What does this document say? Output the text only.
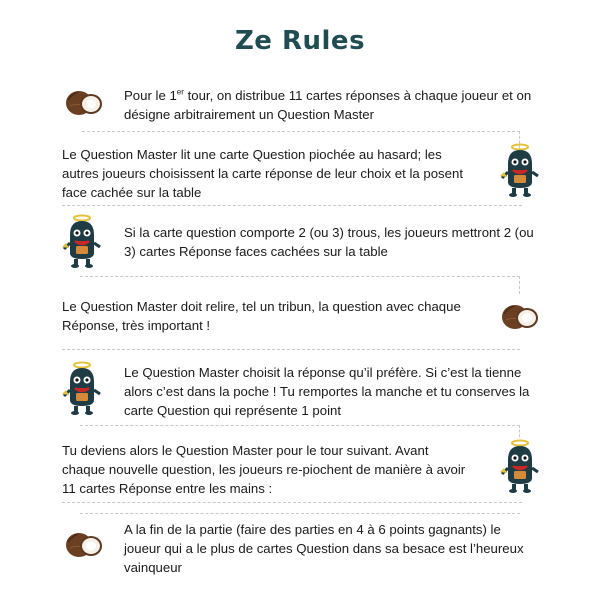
Ze Rules
Pour le 1er tour, on distribue 11 cartes réponses à chaque joueur et on désigne arbitrairement un Question Master
Le Question Master lit une carte Question piochée au hasard; les autres joueurs choisissent la carte réponse de leur choix et la posent face cachée sur la table
Si la carte question comporte 2 (ou 3) trous, les joueurs mettront 2 (ou 3) cartes Réponse faces cachées sur la table
Le Question Master doit relire, tel un tribun, la question avec chaque Réponse, très important !
Le Question Master choisit la réponse qu’il préfère. Si c’est la tienne alors c’est dans la poche ! Tu remportes la manche et tu conserves la carte Question qui représente 1 point
Tu deviens alors le Question Master pour le tour suivant. Avant chaque nouvelle question, les joueurs re-piochent de manière à avoir 11 cartes Réponse entre les mains :
A la fin de la partie (faire des parties en 4 à 6 points gagnants) le joueur qui a le plus de cartes Question dans sa besace est l’heureux vainqueur
